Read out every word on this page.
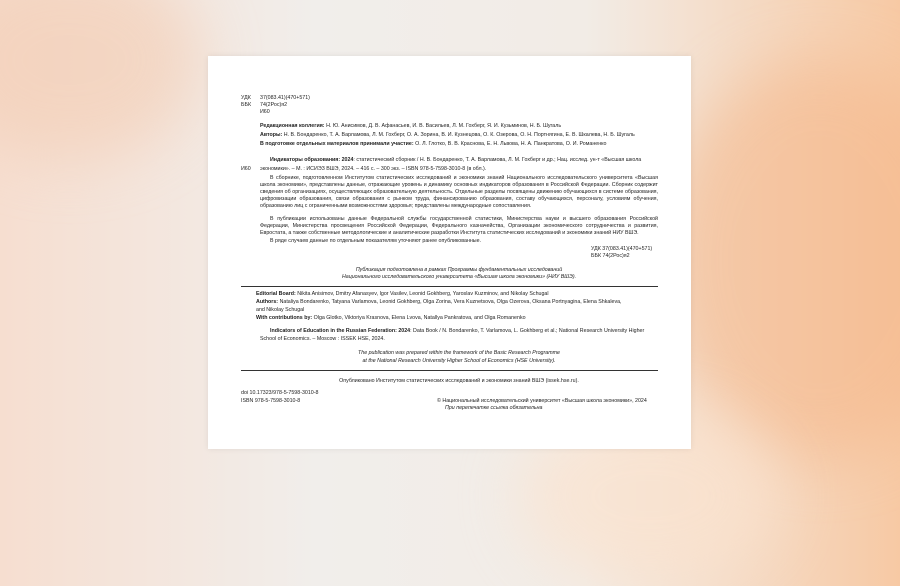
УДК 37(083.41)(470+571)
ББК 74(2Рос)я2
И60
Редакционная коллегия: Н. Ю. Анисимов, Д. В. Афанасьев, И. В. Васильев, Л. М. Гохберг, Я. И. Кузьминов, Н. Б. Шугаль
Авторы: Н. В. Бондаренко, Т. А. Варламова, Л. М. Гохберг, О. А. Зорина, В. И. Кузнецова, О. К. Озерова, О. Н. Портнягина, Е. В. Шкалева, Н. Б. Шугаль
В подготовке отдельных материалов принимали участие: О. Л. Глотко, В. В. Краснова, Е. Н. Львова, Н. А. Панкратова, О. И. Романенко
Индикаторы образования: 2024: статистический сборник / Н. В. Бондаренко, Т. А. Варламова, Л. М. Гохберг и др.; Нац. исслед. ун-т «Высшая школа
И60 экономики». – М. : ИСИЭЗ ВШЭ, 2024. – 416 с. – 300 экз. – ISBN 978-5-7598-3010-8 (в обл.).

В сборнике, подготовленном Институтом статистических исследований и экономики знаний Национального исследовательского университета «Высшая школа экономики», представлены данные, отражающие уровень и динамику основных индикаторов образования в Российской Федерации. Сборник содержит сведения об организациях, осуществляющих образовательную деятельность. Отдельные разделы посвящены движению обучающихся в системе образования, цифровизации образования, связи образования с рынком труда, финансированию образования, составу обучающихся, персоналу, условиям обучения, образованию лиц с ограниченными возможностями здоровья; представлены международные сопоставления.

В публикации использованы данные Федеральной службы государственной статистики, Министерства науки и высшего образования Российской Федерации, Министерства просвещения Российской Федерации, Федерального казначейства, Организации экономического сотрудничества и развития, Евростата, а также собственные методологические и аналитические разработки Института статистических исследований и экономики знаний НИУ ВШЭ.

В ряде случаев данные по отдельным показателям уточняют ранее опубликованные.

УДК 37(083.41)(470+571)
ББК 74(2Рос)я2
Публикация подготовлена в рамках Программы фундаментальных исследований
Национального исследовательского университета «Высшая школа экономики» (НИУ ВШЭ).
Editorial Board: Nikita Anisimov, Dmitry Afanasyev, Igor Vasilev, Leonid Gokhberg, Yaroslav Kuzminov, and Nikolay Schugal
Authors: Nataliya Bondarenko, Tatyana Varlamova, Leonid Gokhberg, Olga Zorina, Vera Kuznetsova, Olga Ozerova, Oksana Portnyagina, Elena Shkaleva,
and Nikolay Schugal
With contributions by: Olga Glotko, Viktoriya Krasnova, Elena Lvova, Natallya Pankratova, and Olga Romanenko
Indicators of Education in the Russian Federation: 2024: Data Book / N. Bondarenko, T. Varlamova, L. Gokhberg et al.; National Research University Higher
School of Economics. – Moscow : ISSEK HSE, 2024.
The publication was prepared within the framework of the Basic Research Programme
at the National Research University Higher School of Economics (HSE University).
Опубликовано Институтом статистических исследований и экономики знаний ВШЭ (issek.hse.ru).
doi 10.17323/978-5-7598-3010-8
ISBN 978-5-7598-3010-8	© Национальный исследовательский университет «Высшая школа экономики», 2024
При перепечатке ссылка обязательна
